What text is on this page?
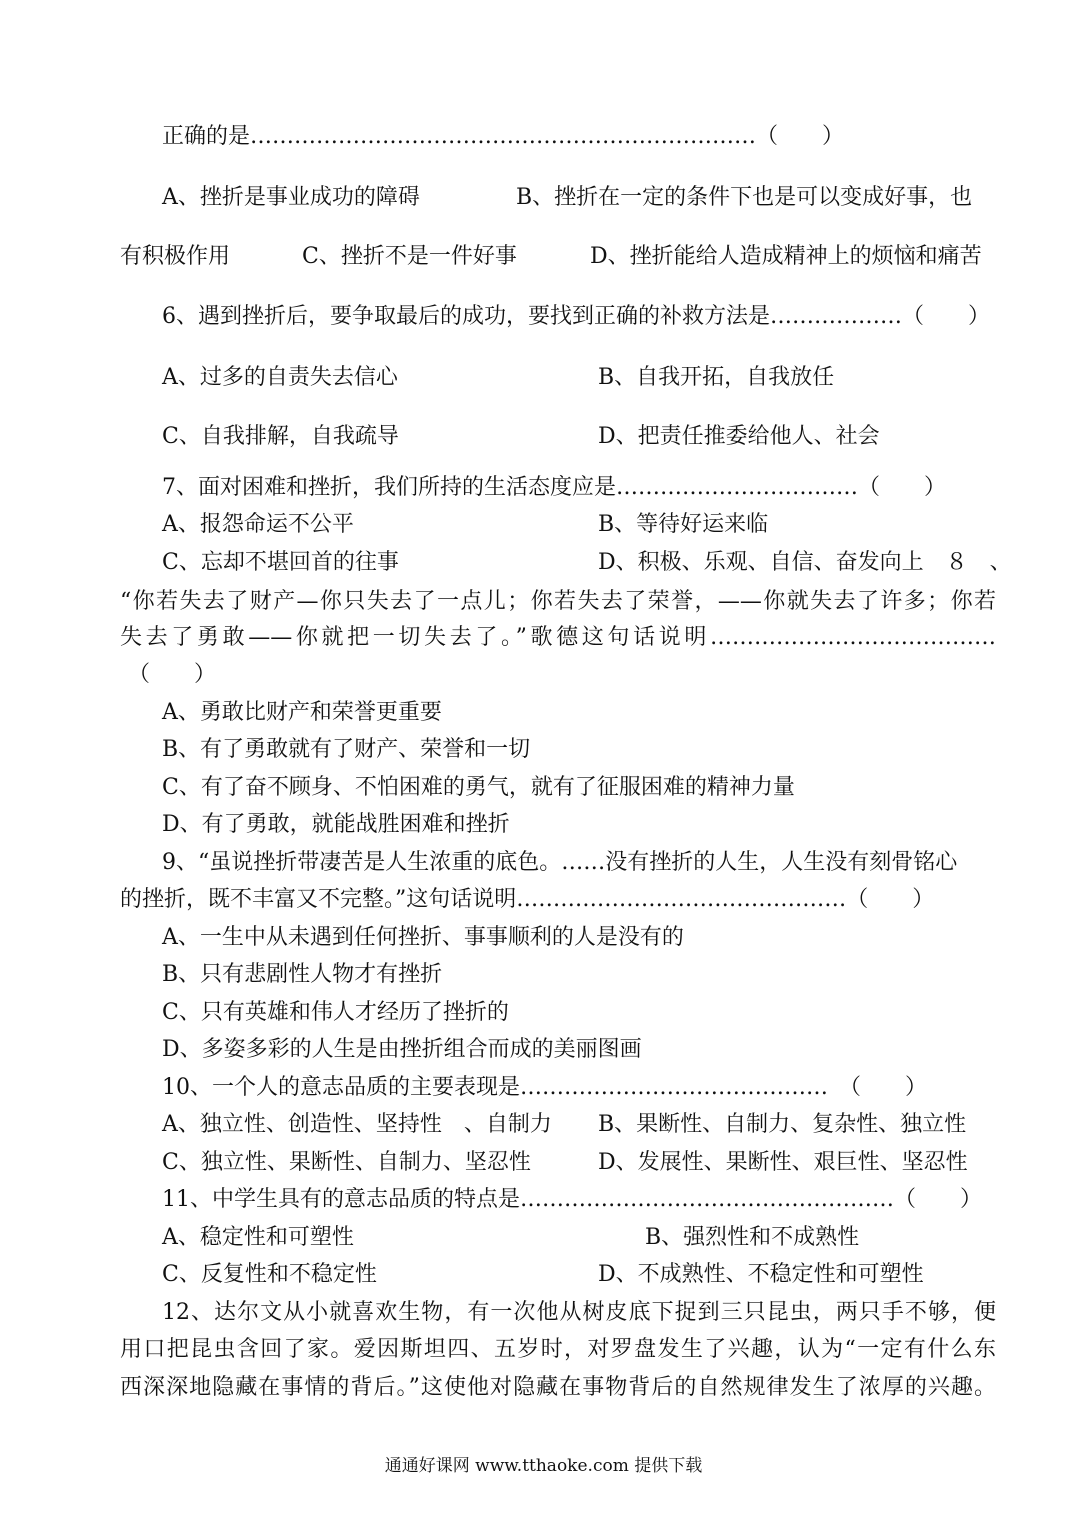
正确的是……………………………………………………………（　　）
A、挫折是事业成功的障碍	B、挫折在一定的条件下也是可以变成好事，也
有积极作用	C、挫折不是一件好事	D、挫折能给人造成精神上的烦恼和痛苦
6、遇到挫折后，要争取最后的成功，要找到正确的补救方法是………………（　　）
A、过多的自责失去信心	B、自我开拓，自我放任
C、自我排解，自我疏导	D、把责任推委给他人、社会
7、面对困难和挫折，我们所持的生活态度应是……………………………（　　）
A、报怨命运不公平	B、等待好运来临
C、忘却不堪回首的往事	D、积极、乐观、自信、奋发向上　８　、
“你若失去了财产—你只失去了一点儿；你若失去了荣誉，——你就失去了许多；你若
失去了勇敢——你就把一切失去了。”歌德这句话说明…………………………………
（　　）
A、勇敢比财产和荣誉更重要
B、有了勇敢就有了财产、荣誉和一切
C、有了奋不顾身、不怕困难的勇气，就有了征服困难的精神力量
D、有了勇敢，就能战胜困难和挫折
9、“虽说挫折带凄苦是人生浓重的底色。……没有挫折的人生，人生没有刻骨铭心
的挫折，既不丰富又不完整。”这句话说明………………………………………（　　）
A、一生中从未遇到任何挫折、事事顺利的人是没有的
B、只有悲剧性人物才有挫折
C、只有英雄和伟人才经历了挫折的
D、多姿多彩的人生是由挫折组合而成的美丽图画
10、一个人的意志品质的主要表现是……………………………………　（　　）
A、独立性、创造性、坚持性　、自制力 B、果断性、自制力、复杂性、独立性
C、独立性、果断性、自制力、坚忍性	D、发展性、果断性、艰巨性、坚忍性
11、中学生具有的意志品质的特点是……………………………………………（　　）
A、稳定性和可塑性	B、强烈性和不成熟性
C、反复性和不稳定性	D、不成熟性、不稳定性和可塑性
12、达尔文从小就喜欢生物，有一次他从树皮底下捉到三只昆虫，两只手不够，便
用口把昆虫含回了家。爱因斯坦四、五岁时，对罗盘发生了兴趣，认为“一定有什么东
西深深地隐藏在事情的背后。”这使他对隐藏在事物背后的自然规律发生了浓厚的兴趣。
通通好课网 www.tthaoke.com 提供下载
